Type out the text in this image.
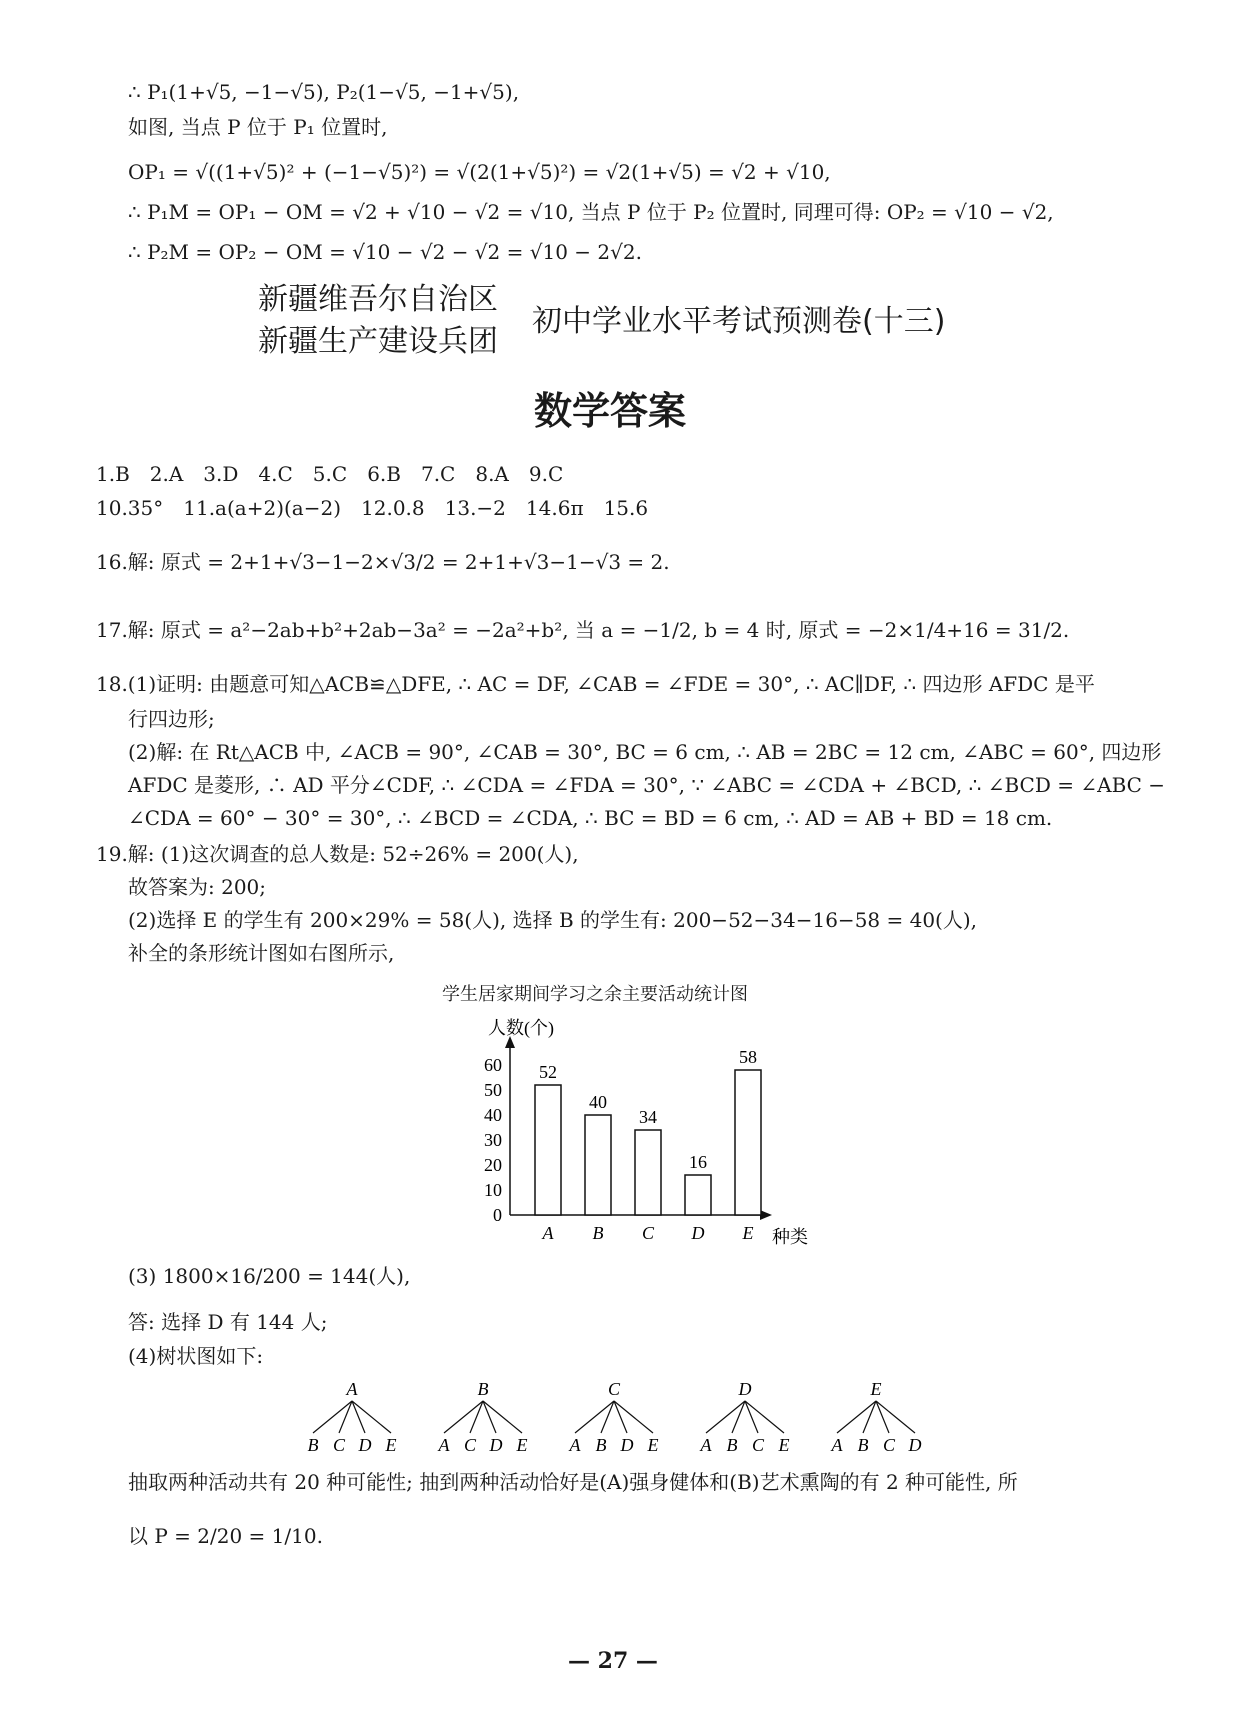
∴ P₁(1+√5, −1−√5), P₂(1−√5, −1+√5),
如图, 当点 P 位于 P₁ 位置时,
OP₁ = √((1+√5)² + (−1−√5)²) = √(2(1+√5)²) = √2(1+√5) = √2 + √10,
∴ P₁M = OP₁ − OM = √2 + √10 − √2 = √10, 当点 P 位于 P₂ 位置时, 同理可得: OP₂ = √10 − √2,
∴ P₂M = OP₂ − OM = √10 − √2 − √2 = √10 − 2√2.
新疆维吾尔自治区
新疆生产建设兵团
初中学业水平考试预测卷(十三)
数学答案
1.B　2.A　3.D　4.C　5.C　6.B　7.C　8.A　9.C
10.35°　11.a(a+2)(a−2)　12.0.8　13.−2　14.6π　15.6
16.解: 原式 = 2+1+√3−1−2×√3/2 = 2+1+√3−1−√3 = 2.
17.解: 原式 = a²−2ab+b²+2ab−3a² = −2a²+b², 当 a = −1/2, b = 4 时, 原式 = −2×1/4+16 = 31/2.
18.(1)证明: 由题意可知△ACB≌△DFE, ∴ AC = DF, ∠CAB = ∠FDE = 30°, ∴ AC∥DF, ∴ 四边形 AFDC 是平
行四边形;
(2)解: 在 Rt△ACB 中, ∠ACB = 90°, ∠CAB = 30°, BC = 6 cm, ∴ AB = 2BC = 12 cm, ∠ABC = 60°, 四边形
AFDC 是菱形, ∴ AD 平分∠CDF, ∴ ∠CDA = ∠FDA = 30°, ∵ ∠ABC = ∠CDA + ∠BCD, ∴ ∠BCD = ∠ABC −
∠CDA = 60° − 30° = 30°, ∴ ∠BCD = ∠CDA, ∴ BC = BD = 6 cm, ∴ AD = AB + BD = 18 cm.
19.解: (1)这次调查的总人数是: 52÷26% = 200(人),
故答案为: 200;
(2)选择 E 的学生有 200×29% = 58(人), 选择 B 的学生有: 200−52−34−16−58 = 40(人),
补全的条形统计图如右图所示,
学生居家期间学习之余主要活动统计图
人数(个)
种类
0
10
20
30
40
50
60 52
A
40
B
34
C
16
D
58
E
(3) 1800×16/200 = 144(人),
答: 选择 D 有 144 人;
(4)树状图如下:
A
B C D E
B
A C D E
C
A B D E
D
A B C E
E
A B C D
抽取两种活动共有 20 种可能性; 抽到两种活动恰好是(A)强身健体和(B)艺术熏陶的有 2 种可能性, 所
以 P = 2/20 = 1/10.
— 27 —
